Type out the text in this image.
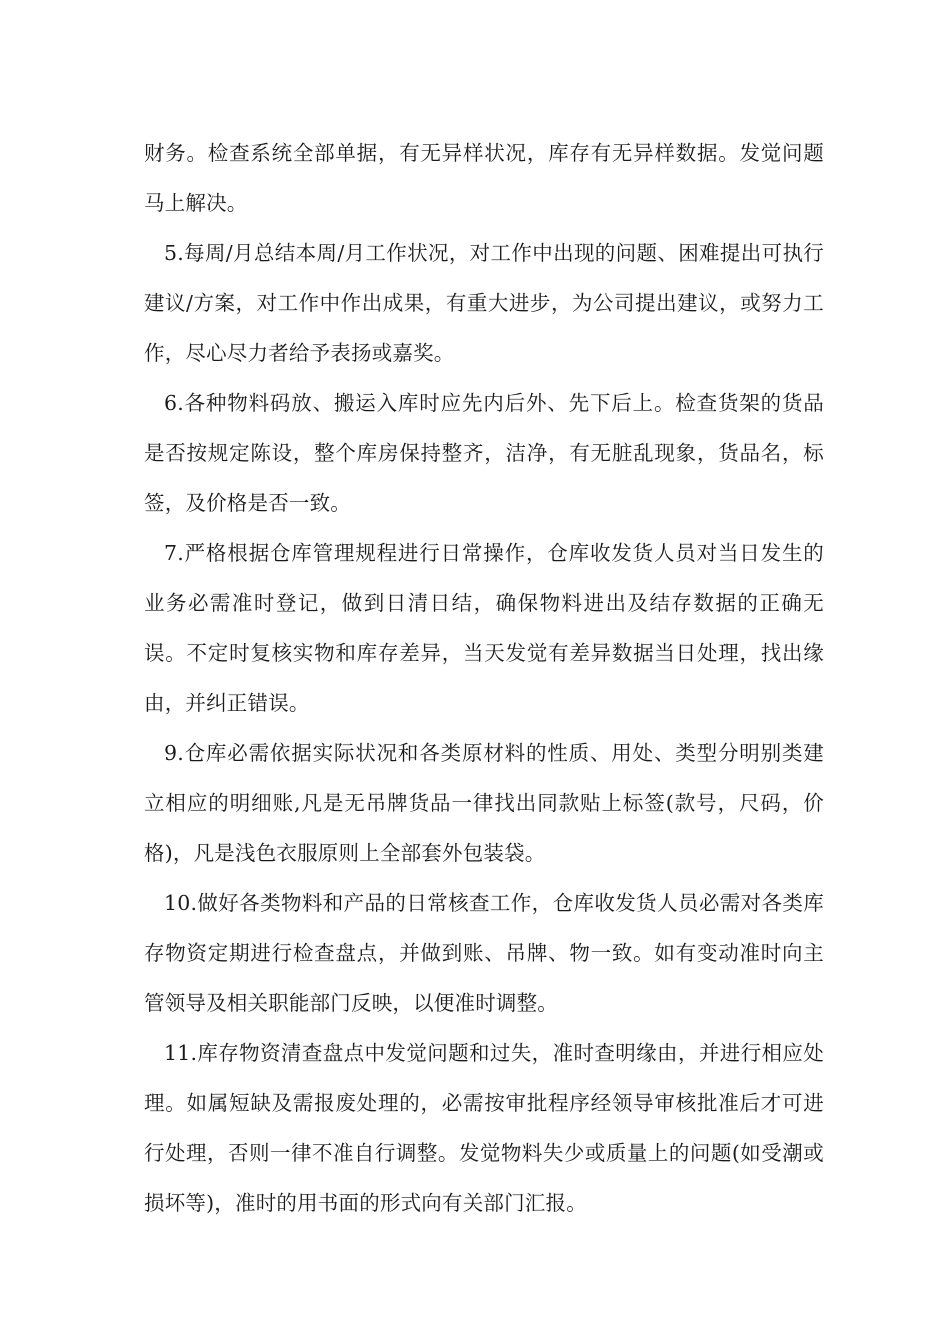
财务。检查系统全部单据，有无异样状况，库存有无异样数据。发觉问题马上解决。

5.每周/月总结本周/月工作状况，对工作中出现的问题、困难提出可执行建议/方案，对工作中作出成果，有重大进步，为公司提出建议，或努力工作，尽心尽力者给予表扬或嘉奖。

6.各种物料码放、搬运入库时应先内后外、先下后上。检查货架的货品是否按规定陈设，整个库房保持整齐，洁净，有无脏乱现象，货品名，标签，及价格是否一致。

7.严格根据仓库管理规程进行日常操作，仓库收发货人员对当日发生的业务必需准时登记，做到日清日结，确保物料进出及结存数据的正确无误。不定时复核实物和库存差异，当天发觉有差异数据当日处理，找出缘由，并纠正错误。

9.仓库必需依据实际状况和各类原材料的性质、用处、类型分明别类建立相应的明细账,凡是无吊牌货品一律找出同款贴上标签(款号，尺码，价格)，凡是浅色衣服原则上全部套外包装袋。

10.做好各类物料和产品的日常核查工作，仓库收发货人员必需对各类库存物资定期进行检查盘点，并做到账、吊牌、物一致。如有变动准时向主管领导及相关职能部门反映，以便准时调整。

11.库存物资清查盘点中发觉问题和过失，准时查明缘由，并进行相应处理。如属短缺及需报废处理的，必需按审批程序经领导审核批准后才可进行处理，否则一律不准自行调整。发觉物料失少或质量上的问题(如受潮或损坏等)，准时的用书面的形式向有关部门汇报。
